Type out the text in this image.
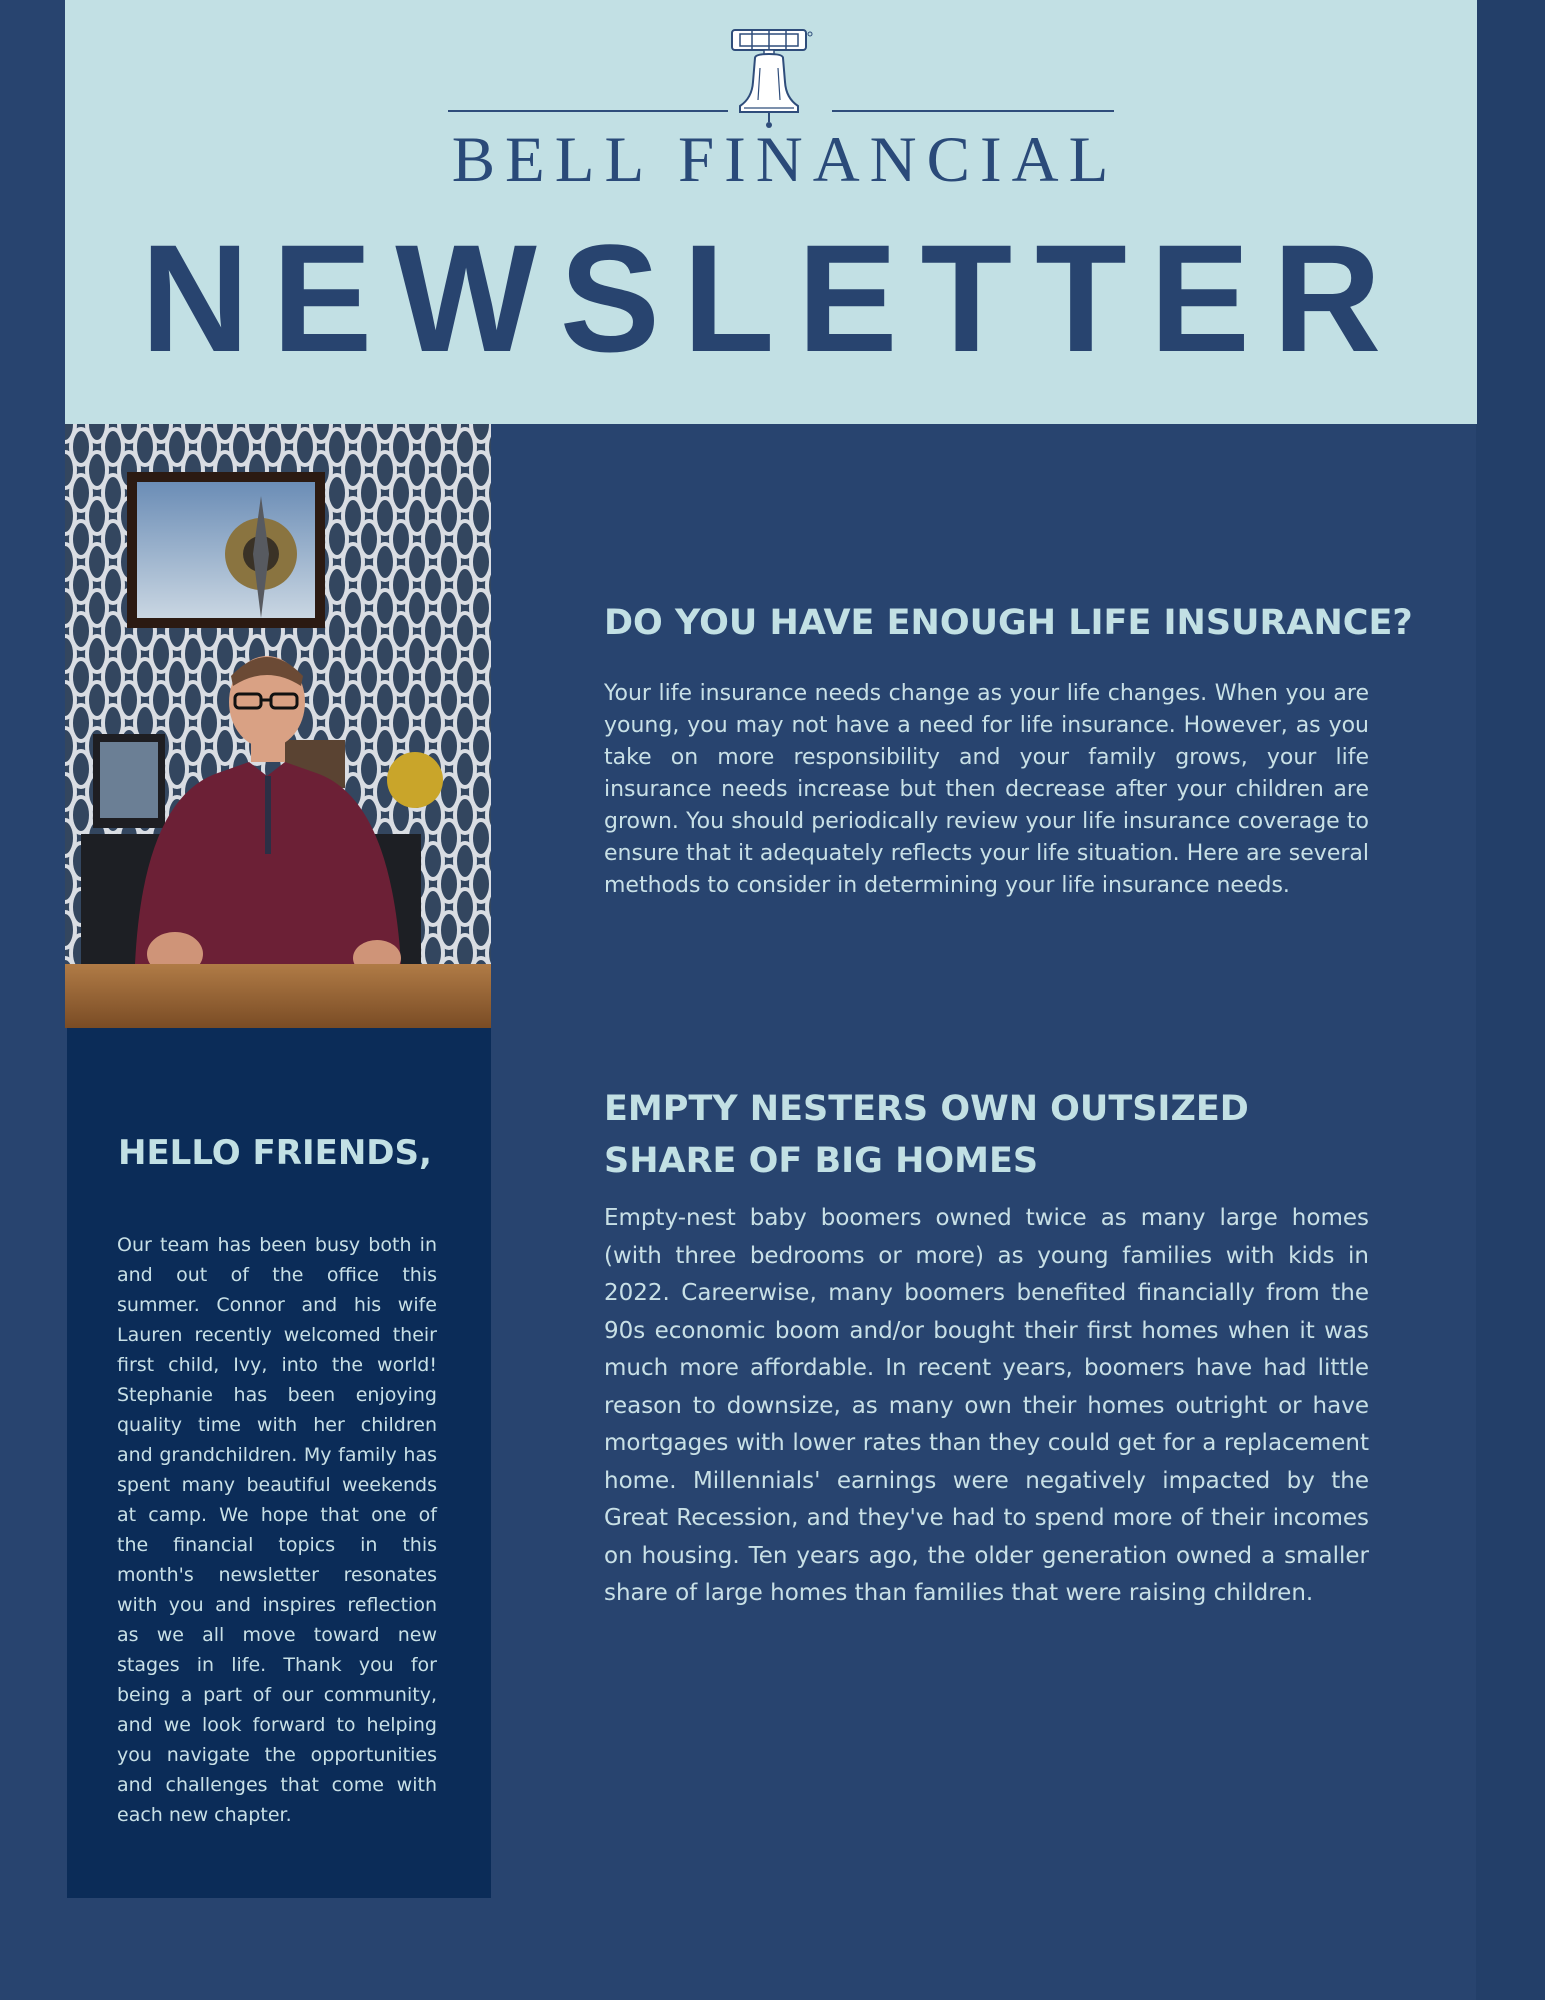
BELL FINANCIAL
NEWSLETTER
HELLO FRIENDS,

Our team has been busy both in and out of the office this summer. Connor and his wife Lauren recently welcomed their first child, Ivy, into the world! Stephanie has been enjoying quality time with her children and grandchildren. My family has spent many beautiful weekends at camp. We hope that one of the financial topics in this month's newsletter resonates with you and inspires reflection as we all move toward new stages in life. Thank you for being a part of our community, and we look forward to helping you navigate the opportunities and challenges that come with each new chapter.

DO YOU HAVE ENOUGH LIFE INSURANCE?

Your life insurance needs change as your life changes. When you are young, you may not have a need for life insurance. However, as you take on more responsibility and your family grows, your life insurance needs increase but then decrease after your children are grown. You should periodically review your life insurance coverage to ensure that it adequately reflects your life situation. Here are several methods to consider in determining your life insurance needs.

EMPTY NESTERS OWN OUTSIZED SHARE OF BIG HOMES

Empty-nest baby boomers owned twice as many large homes (with three bedrooms or more) as young families with kids in 2022. Careerwise, many boomers benefited financially from the 90s economic boom and/or bought their first homes when it was much more affordable. In recent years, boomers have had little reason to downsize, as many own their homes outright or have mortgages with lower rates than they could get for a replacement home. Millennials' earnings were negatively impacted by the Great Recession, and they've had to spend more of their incomes on housing. Ten years ago, the older generation owned a smaller share of large homes than families that were raising children.
